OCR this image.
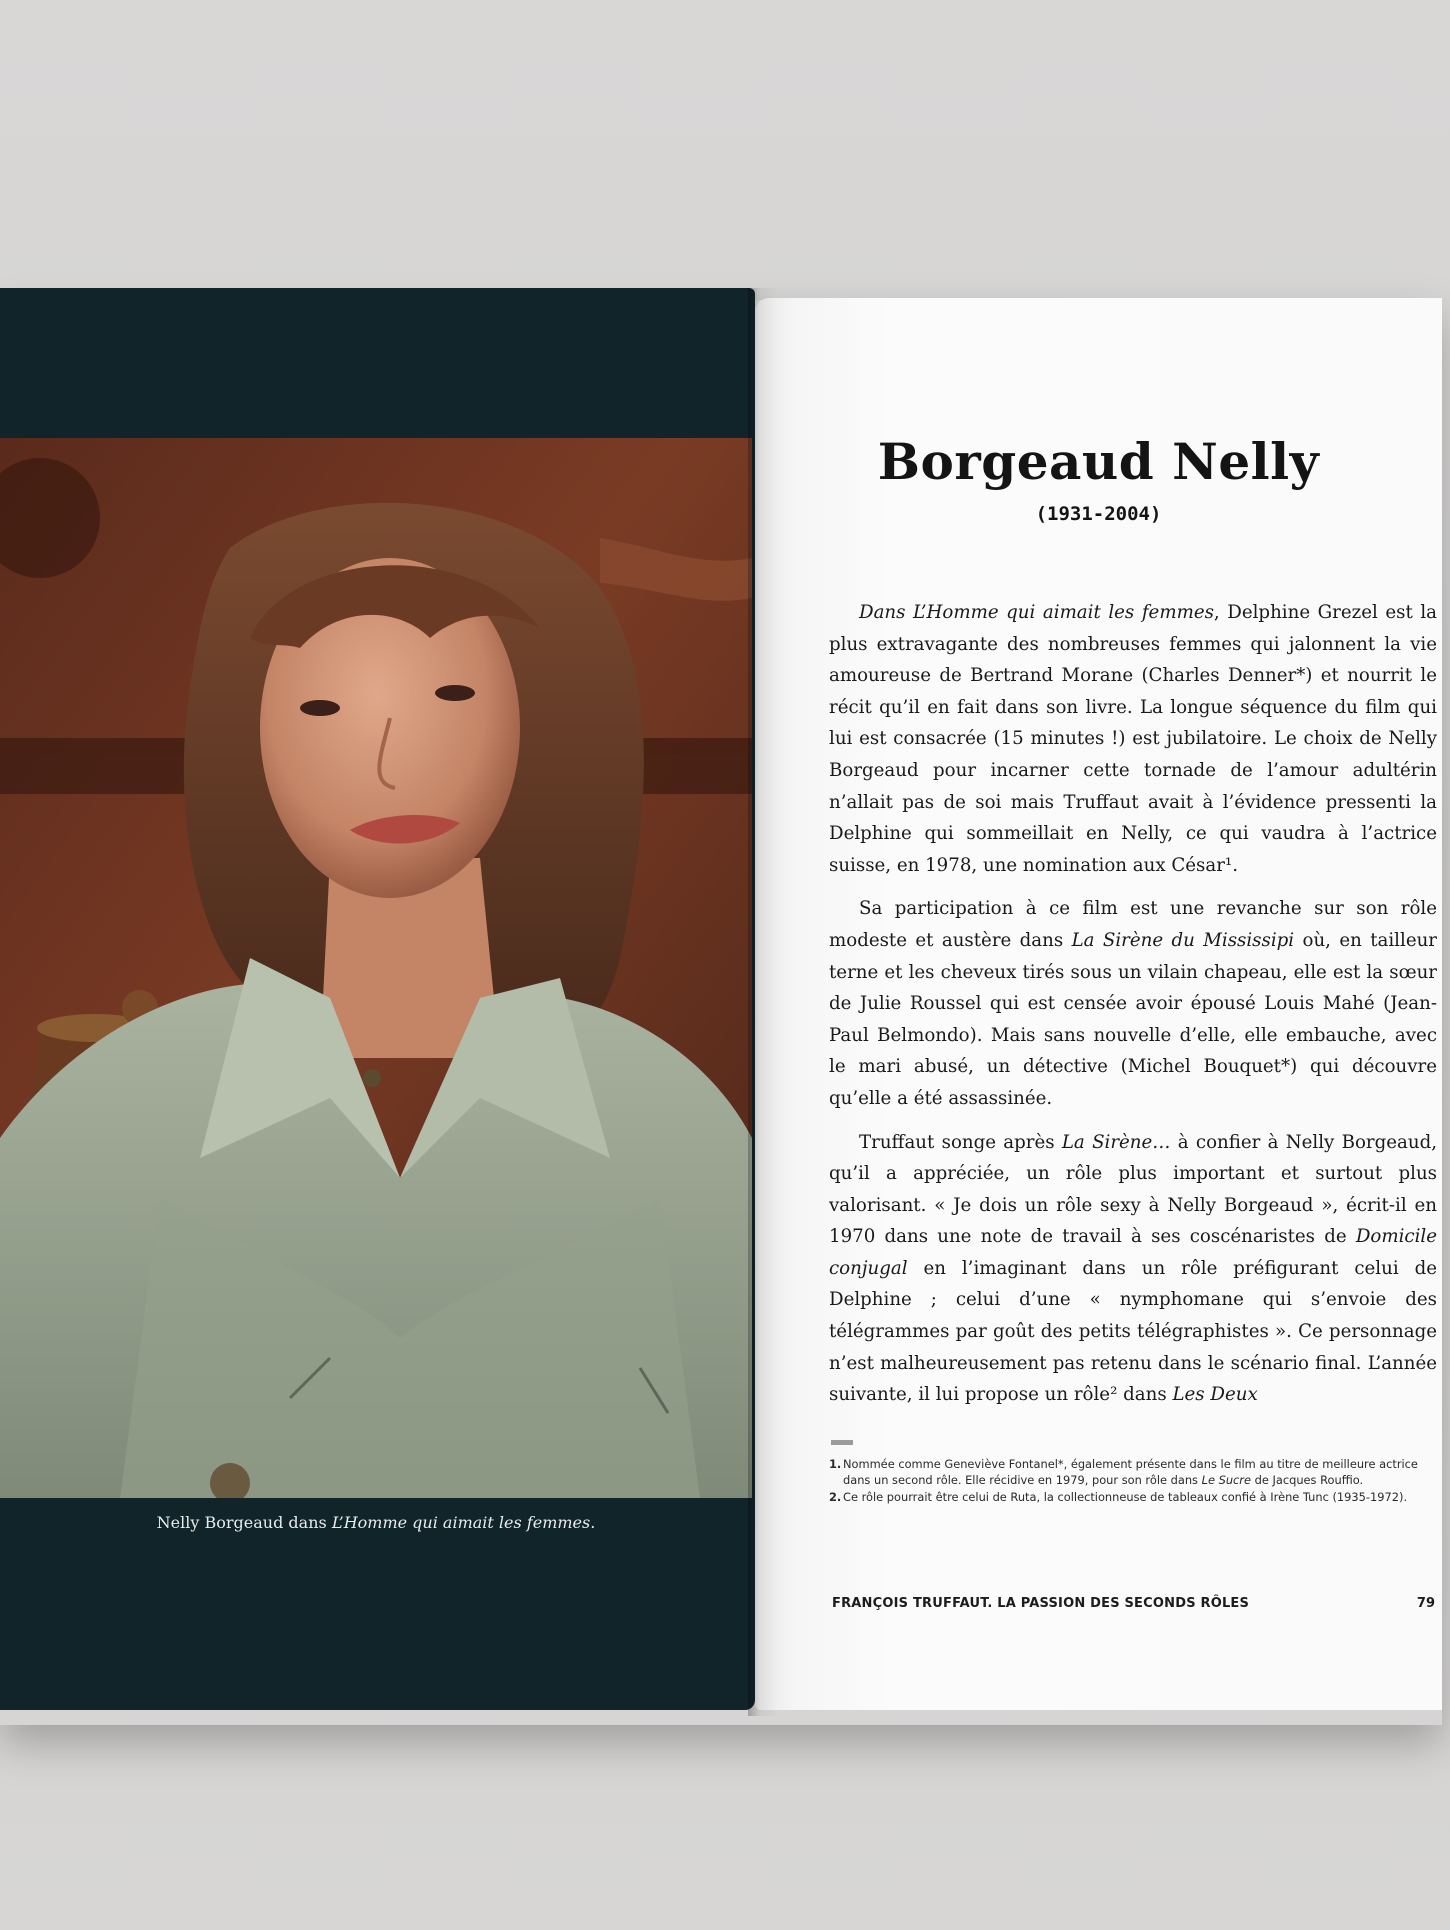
Nelly Borgeaud dans L’Homme qui aimait les femmes.
Borgeaud Nelly
(1931-2004)

Dans L’Homme qui aimait les femmes, Delphine Grezel est la plus extravagante des nombreuses femmes qui jalonnent la vie amoureuse de Bertrand Morane (Charles Denner*) et nourrit le récit qu’il en fait dans son livre. La longue séquence du film qui lui est consacrée (15 minutes !) est jubilatoire. Le choix de Nelly Borgeaud pour incarner cette tornade de l’amour adultérin n’allait pas de soi mais Truffaut avait à l’évidence pressenti la Delphine qui sommeillait en Nelly, ce qui vaudra à l’actrice suisse, en 1978, une nomination aux César¹.

Sa participation à ce film est une revanche sur son rôle modeste et austère dans La Sirène du Mississipi où, en tailleur terne et les cheveux tirés sous un vilain chapeau, elle est la sœur de Julie Roussel qui est censée avoir épousé Louis Mahé (Jean-Paul Belmondo). Mais sans nouvelle d’elle, elle embauche, avec le mari abusé, un détective (Michel Bouquet*) qui découvre qu’elle a été assassinée.

Truffaut songe après La Sirène… à confier à Nelly Borgeaud, qu’il a appréciée, un rôle plus important et surtout plus valorisant. « Je dois un rôle sexy à Nelly Borgeaud », écrit-il en 1970 dans une note de travail à ses coscénaristes de Domicile conjugal en l’imaginant dans un rôle préfigurant celui de Delphine ; celui d’une « nymphomane qui s’envoie des télégrammes par goût des petits télégraphistes ». Ce personnage n’est malheureusement pas retenu dans le scénario final. L’année suivante, il lui propose un rôle² dans Les Deux

1. Nommée comme Geneviève Fontanel*, également présente dans le film au titre de meilleure actrice dans un second rôle. Elle récidive en 1979, pour son rôle dans Le Sucre de Jacques Rouffio.
2. Ce rôle pourrait être celui de Ruta, la collectionneuse de tableaux confié à Irène Tunc (1935-1972).
FRANÇOIS TRUFFAUT. LA PASSION DES SECONDS RÔLES	79
